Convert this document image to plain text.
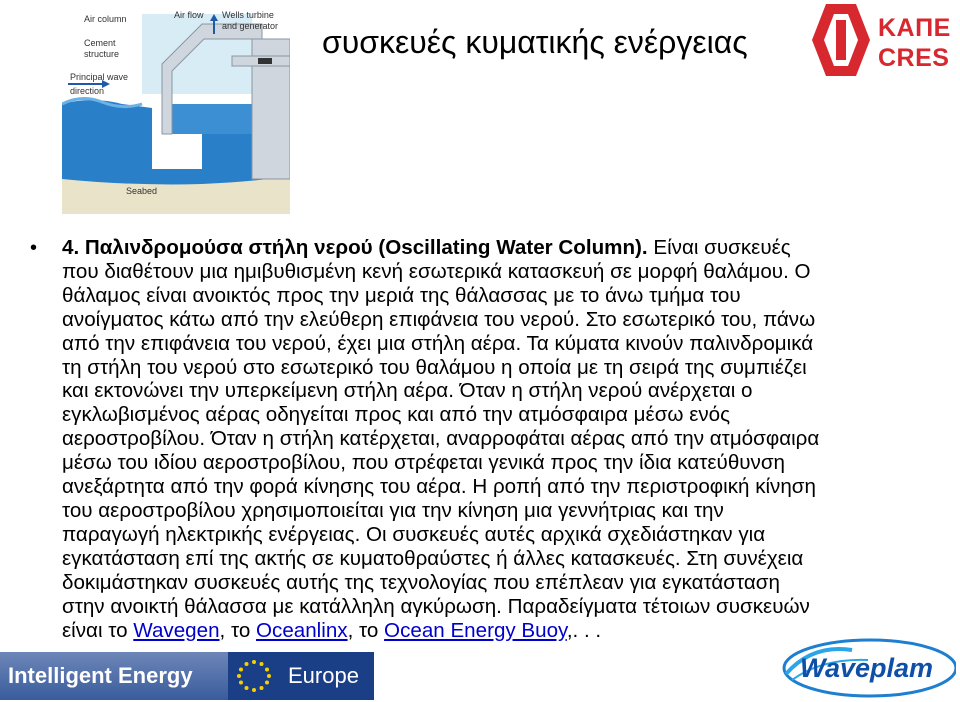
Air column	Air flow Wells turbine
and generator
Cement
structure
Principal wave
direction
Seabed
συσκευές κυματικής ενέργειας	ΚΑΠΕ
CRES
• 4. Παλινδρομούσα στήλη νερού (Oscillating Water Column). Είναι συσκευές
που διαθέτουν μια ημιβυθισμένη κενή εσωτερικά κατασκευή σε μορφή θαλάμου. Ο
θάλαμος είναι ανοικτός προς την μεριά της θάλασσας με το άνω τμήμα του
ανοίγματος κάτω από την ελεύθερη επιφάνεια του νερού. Στο εσωτερικό του, πάνω
από την επιφάνεια του νερού, έχει μια στήλη αέρα. Τα κύματα κινούν παλινδρομικά
τη στήλη του νερού στο εσωτερικό του θαλάμου η οποία με τη σειρά της συμπιέζει
και εκτονώνει την υπερκείμενη στήλη αέρα. Όταν η στήλη νερού ανέρχεται ο
εγκλωβισμένος αέρας οδηγείται προς και από την ατμόσφαιρα μέσω ενός
αεροστροβίλου. Όταν η στήλη κατέρχεται, αναρροφάται αέρας από την ατμόσφαιρα
μέσω του ιδίου αεροστροβίλου, που στρέφεται γενικά προς την ίδια κατεύθυνση
ανεξάρτητα από την φορά κίνησης του αέρα. Η ροπή από την περιστροφική κίνηση
του αεροστροβίλου χρησιμοποιείται για την κίνηση μια γεννήτριας και την
παραγωγή ηλεκτρικής ενέργειας. Οι συσκευές αυτές αρχικά σχεδιάστηκαν για
εγκατάσταση επί της ακτής σε κυματοθραύστες ή άλλες κατασκευές. Στη συνέχεια
δοκιμάστηκαν συσκευές αυτής της τεχνολογίας που επέπλεαν για εγκατάσταση
στην ανοικτή θάλασσα με κατάλληλη αγκύρωση. Παραδείγματα τέτοιων συσκευών
είναι το Wavegen, το Oceanlinx, το Ocean Energy Buoy,. . .
Intelligent Energy	Europe	Waveplam
